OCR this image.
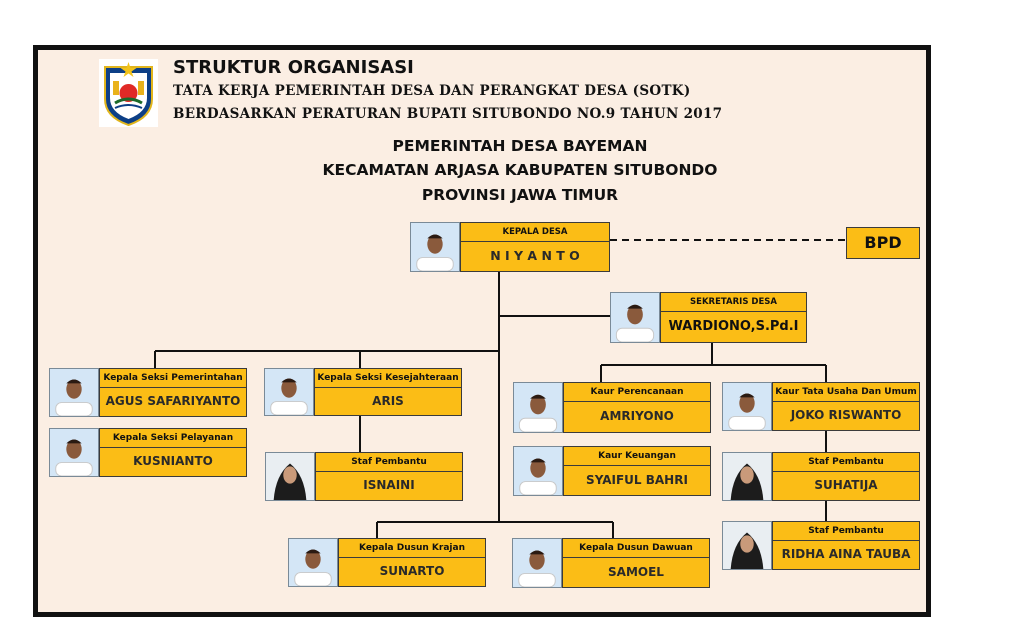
STRUKTUR ORGANISASI
TATA KERJA PEMERINTAH DESA DAN PERANGKAT DESA (SOTK)
BERDASARKAN PERATURAN BUPATI SITUBONDO NO.9 TAHUN 2017
PEMERINTAH DESA BAYEMAN
KECAMATAN ARJASA KABUPATEN SITUBONDO
PROVINSI JAWA TIMUR
BPD
KEPALA DESA
N I Y A N T O
SEKRETARIS DESA
WARDIONO,S.Pd.I
Kepala Seksi Pemerintahan
AGUS SAFARIYANTO
Kepala Seksi Pelayanan
KUSNIANTO
Kepala Seksi Kesejahteraan
ARIS
Staf Pembantu
ISNAINI
Kaur Perencanaan
AMRIYONO
Kaur Keuangan
SYAIFUL BAHRI
Kaur Tata Usaha Dan Umum
JOKO RISWANTO
Staf Pembantu
SUHATIJA
Staf Pembantu
RIDHA AINA TAUBA
Kepala Dusun Krajan
SUNARTO
Kepala Dusun Dawuan
SAMOEL
